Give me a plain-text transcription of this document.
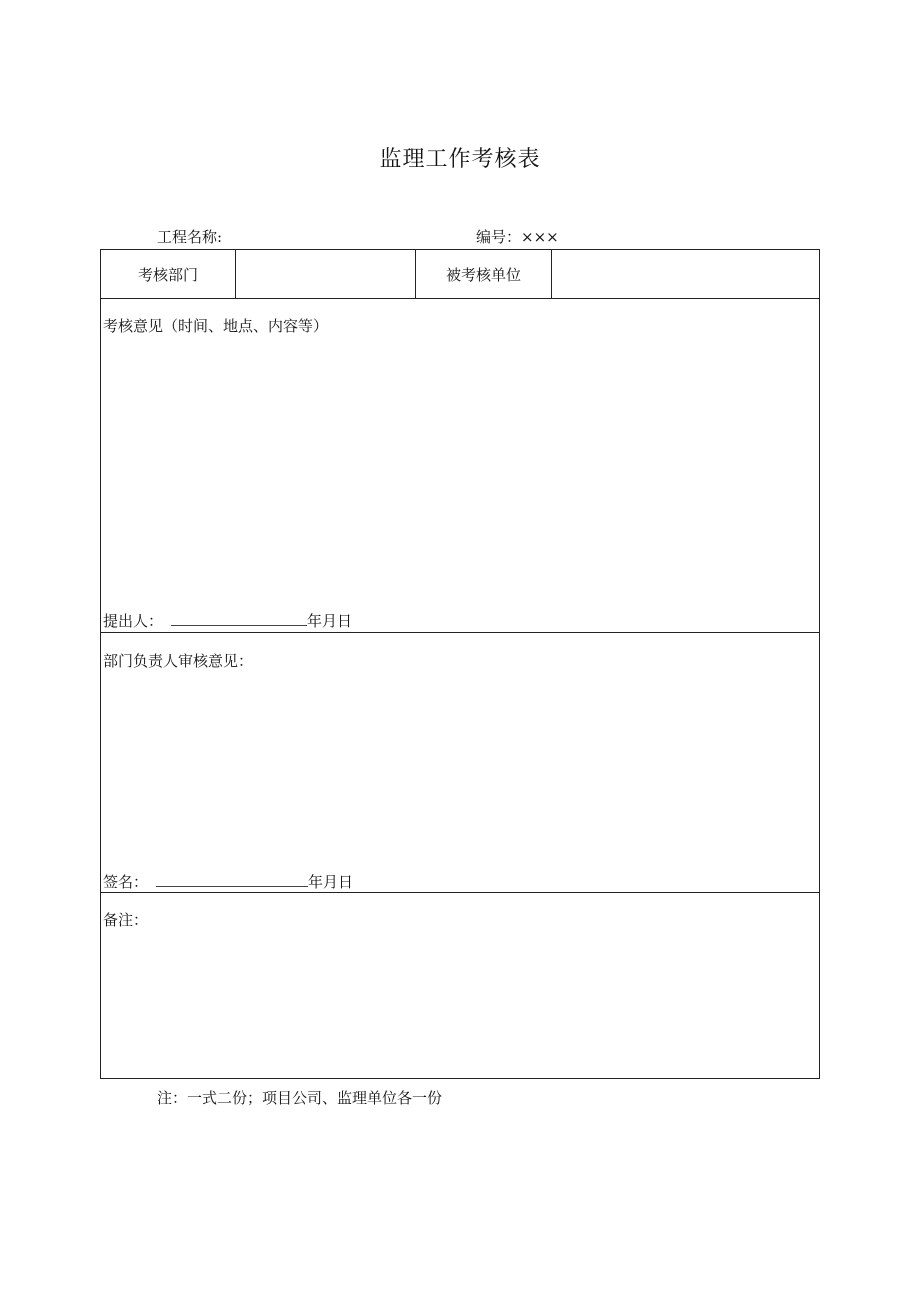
监理工作考核表
工程名称:	编号：×××
考核部门	被考核单位
考核意见（时间、地点、内容等）
提出人：	年月日
部门负责人审核意见：
签名：	年月日
备注：
注：一式二份；项目公司、监理单位各一份
